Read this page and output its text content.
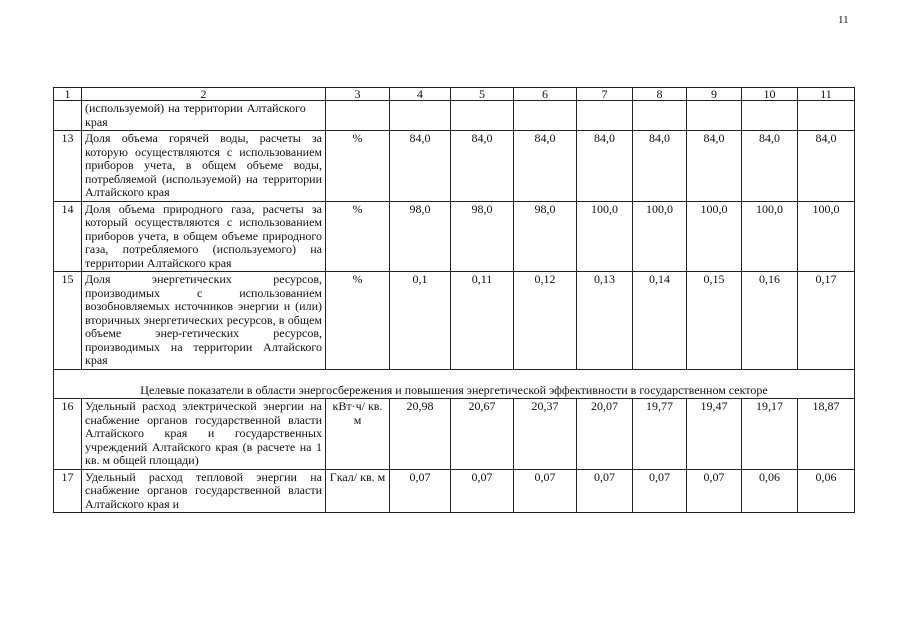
11
1	2	3	4	5	6	7	8	9	10	11
	(используемой) на территории Алтайского края									
13	Доля объема горячей воды, расчеты за которую осуществляются с использованием приборов учета, в общем объеме воды, потребляемой (используемой) на территории Алтайского края	%	84,0	84,0	84,0	84,0	84,0	84,0	84,0	84,0
14	Доля объема природного газа, расчеты за который осуществляются с использованием приборов учета, в общем объеме природного газа, потребляемого (используемого) на территории Алтайского края	%	98,0	98,0	98,0	100,0	100,0	100,0	100,0	100,0
15	Доля энергетических ресурсов, производимых с использованием возобновляемых источников энергии и (или) вторичных энергетических ресурсов, в общем объеме энер-гетических ресурсов, производимых на территории Алтайского края	%	0,1	0,11	0,12	0,13	0,14	0,15	0,16	0,17
Целевые показатели в области энергосбережения и повышения энергетической эффективности в государственном секторе										
16	Удельный расход электрической энергии на снабжение органов государственной власти Алтайского края и государственных учреждений Алтайского края (в расчете на 1 кв. м общей площади)	кВт·ч/ кв. м	20,98	20,67	20,37	20,07	19,77	19,47	19,17	18,87
17	Удельный расход тепловой энергии на снабжение органов государственной власти Алтайского края и	Гкал/ кв. м	0,07	0,07	0,07	0,07	0,07	0,07	0,06	0,06
